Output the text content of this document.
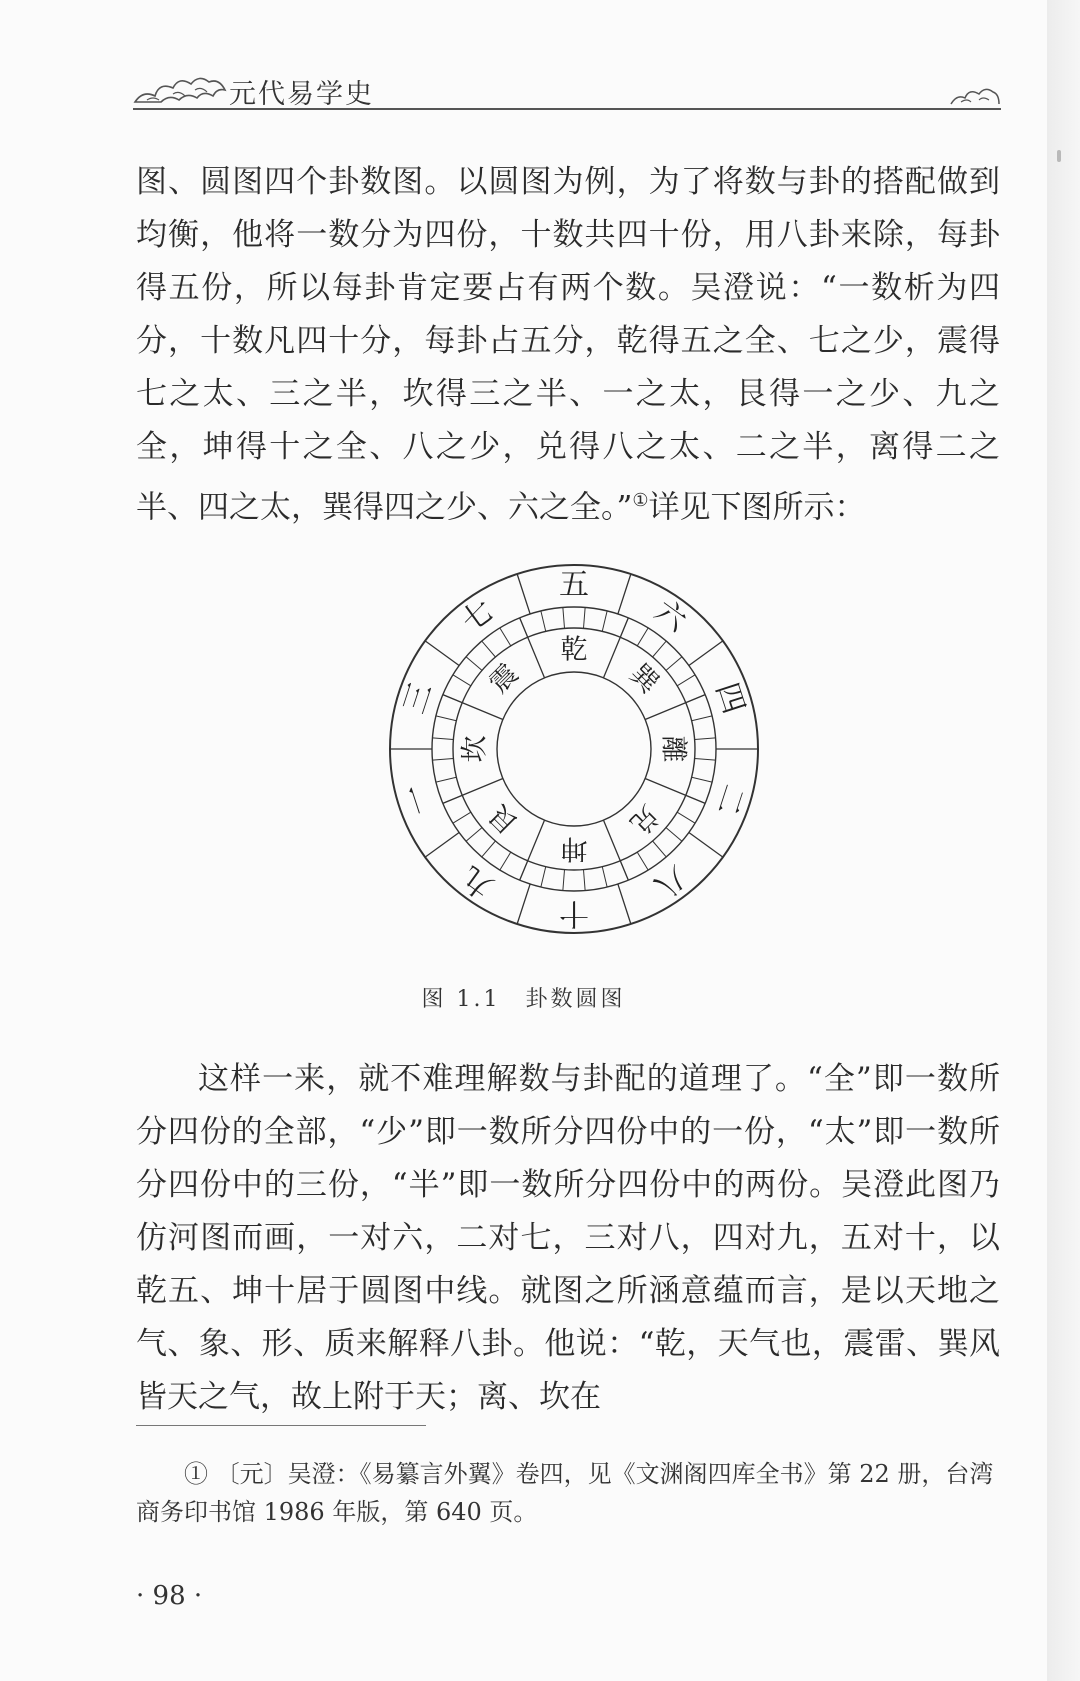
元代易学史

图、圆图四个卦数图。以圆图为例，为了将数与卦的搭配做到均衡，他将一数分为四份，十数共四十份，用八卦来除，每卦得五份，所以每卦肯定要占有两个数。吴澄说：“一数析为四分，十数凡四十分，每卦占五分，乾得五之全、七之少，震得七之太、三之半，坎得三之半、一之太，艮得一之少、九之全，坤得十之全、八之少，兑得八之太、二之半，离得二之半、四之太，巽得四之少、六之全。”①详见下图所示：

五
六
四
二
八
十
九
一
三
七
乾
巽
離
兑
坤
艮
坎
震
图 1.1　卦数圆图

这样一来，就不难理解数与卦配的道理了。“全”即一数所分四份的全部，“少”即一数所分四份中的一份，“太”即一数所分四份中的三份，“半”即一数所分四份中的两份。吴澄此图乃仿河图而画，一对六，二对七，三对八，四对九，五对十，以乾五、坤十居于圆图中线。就图之所涵意蕴而言，是以天地之气、象、形、质来解释八卦。他说：“乾，天气也，震雷、巽风皆天之气，故上附于天；离、坎在

① 〔元〕吴澄：《易纂言外翼》卷四，见《文渊阁四库全书》第 22 册，台湾商务印书馆 1986 年版，第 640 页。

· 98 ·
